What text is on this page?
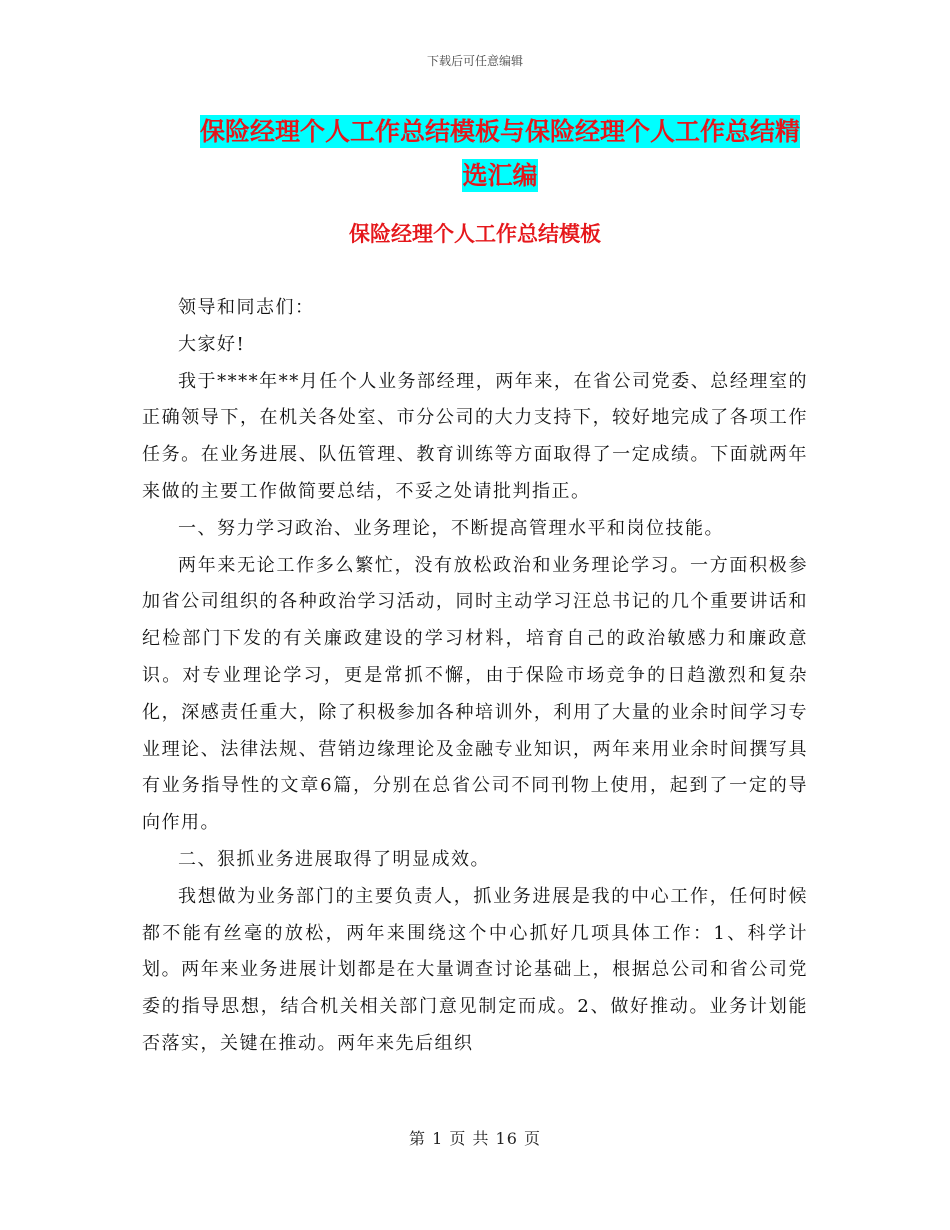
下载后可任意编辑
保险经理个人工作总结模板与保险经理个人工作总结精选汇编
保险经理个人工作总结模板

领导和同志们：

大家好!

我于****年**月任个人业务部经理，两年来，在省公司党委、总经理室的正确领导下，在机关各处室、市分公司的大力支持下，较好地完成了各项工作任务。在业务进展、队伍管理、教育训练等方面取得了一定成绩。下面就两年来做的主要工作做简要总结，不妥之处请批判指正。

一、努力学习政治、业务理论，不断提高管理水平和岗位技能。

两年来无论工作多么繁忙，没有放松政治和业务理论学习。一方面积极参加省公司组织的各种政治学习活动，同时主动学习汪总书记的几个重要讲话和纪检部门下发的有关廉政建设的学习材料，培育自己的政治敏感力和廉政意识。对专业理论学习，更是常抓不懈，由于保险市场竞争的日趋激烈和复杂化，深感责任重大，除了积极参加各种培训外，利用了大量的业余时间学习专业理论、法律法规、营销边缘理论及金融专业知识，两年来用业余时间撰写具有业务指导性的文章6篇，分别在总省公司不同刊物上使用，起到了一定的导向作用。

二、狠抓业务进展取得了明显成效。

我想做为业务部门的主要负责人，抓业务进展是我的中心工作，任何时候都不能有丝毫的放松，两年来围绕这个中心抓好几项具体工作：1、科学计划。两年来业务进展计划都是在大量调查讨论基础上，根据总公司和省公司党委的指导思想，结合机关相关部门意见制定而成。2、做好推动。业务计划能否落实，关键在推动。两年来先后组织

第 1 页 共 16 页
